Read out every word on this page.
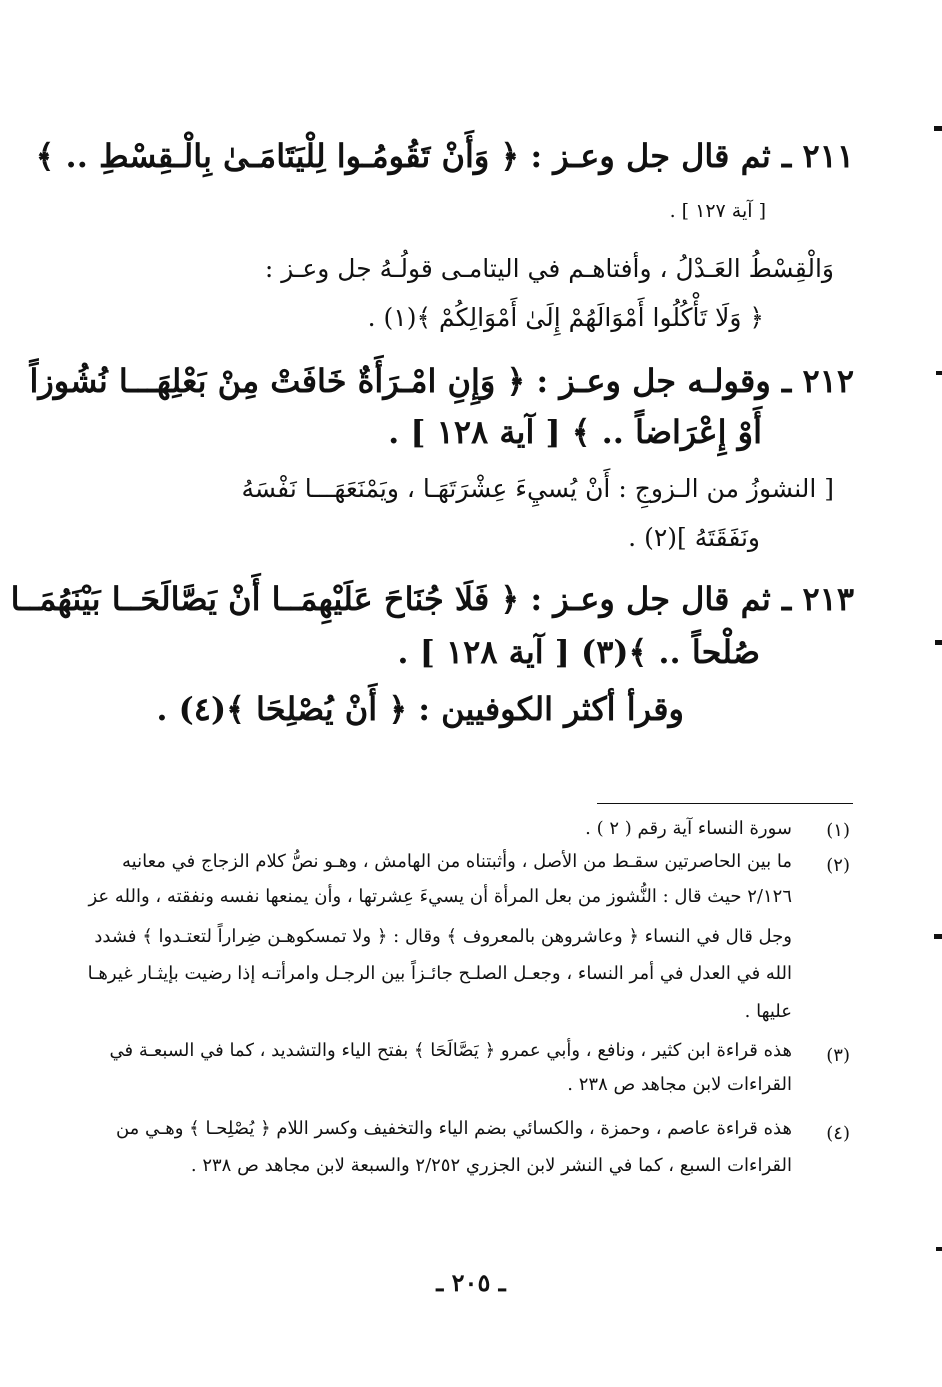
٢١١ ـ ثم قال جل وعـز : ﴿ وَأَنْ تَقُومُـوا لِلْيَتَامَـىٰ بِالْـقِسْطِ .. ﴾
[ آية ١٢٧ ] .
وَالْقِسْطُ العَـدْلُ ، وأفتاهـم في اليتامـى قولُـهُ جل وعـز :
﴿ وَلَا تَأْكُلُوا أَمْوَالَهُمْ إِلَىٰ أَمْوَالِكُمْ ﴾(١) .
٢١٢ ـ وقولـه جل وعـز : ﴿ وَإِنِ امْـرَأَةٌ خَافَتْ مِنْ بَعْلِهَـــا نُشُوزاً
أَوْ إِعْرَاضاً .. ﴾ [ آية ١٢٨ ] .
[ النشوزُ من الـزوجِ : أَنْ يُسيِءَ عِشْرَتَهَـا ، ويَمْنَعَهَـــا نَفْسَهُ
ونَفَقَتَهُ ](٢) .
٢١٣ ـ ثم قال جل وعـز : ﴿ فَلَا جُنَاحَ عَلَيْهِمَــا أَنْ يَصَّالَحَــا بَيْنَهُمَــا
صُلْحاً .. ﴾(٣) [ آية ١٢٨ ] .
وقرأ أكثر الكوفيين : ﴿ أَنْ يُصْلِحَا ﴾(٤) .
(١)
سورة النساء آية رقم ( ٢ ) .
(٢)
ما بين الحاصرتين سقـط من الأصل ، وأثبتناه من الهامش ، وهـو نصُّ كلام الزجاج في معانيه
٢/١٢٦ حيث قال : النُّشوز من بعل المرأة أن يسيءَ عِشرتها ، وأن يمنعها نفسه ونفقته ، والله عز
وجل قال في النساء ﴿ وعاشروهن بالمعروف ﴾ وقال : ﴿ ولا تمسكوهـن ضِراراً لتعتـدوا ﴾ فشدد
الله في العدل في أمر النساء ، وجعـل الصلـح جائـزاً بين الرجـل وامرأتـه إذا رضيت بإيثـار غيرهـا
عليها .
(٣)
هذه قراءة ابن كثير ، ونافع ، وأبي عمرو ﴿ يَصَّالَحَا ﴾ بفتح الياء والتشديد ، كما في السبعـة في
القراءات لابن مجاهد ص ٢٣٨ .
(٤)
هذه قراءة عاصم ، وحمزة ، والكسائي بضم الياء والتخفيف وكسر اللام ﴿ يُصْلِحـا ﴾ وهـي من
القراءات السبع ، كما في النشر لابن الجزري ٢/٢٥٢ والسبعة لابن مجاهد ص ٢٣٨ .
ـ ٢٠٥ ـ
